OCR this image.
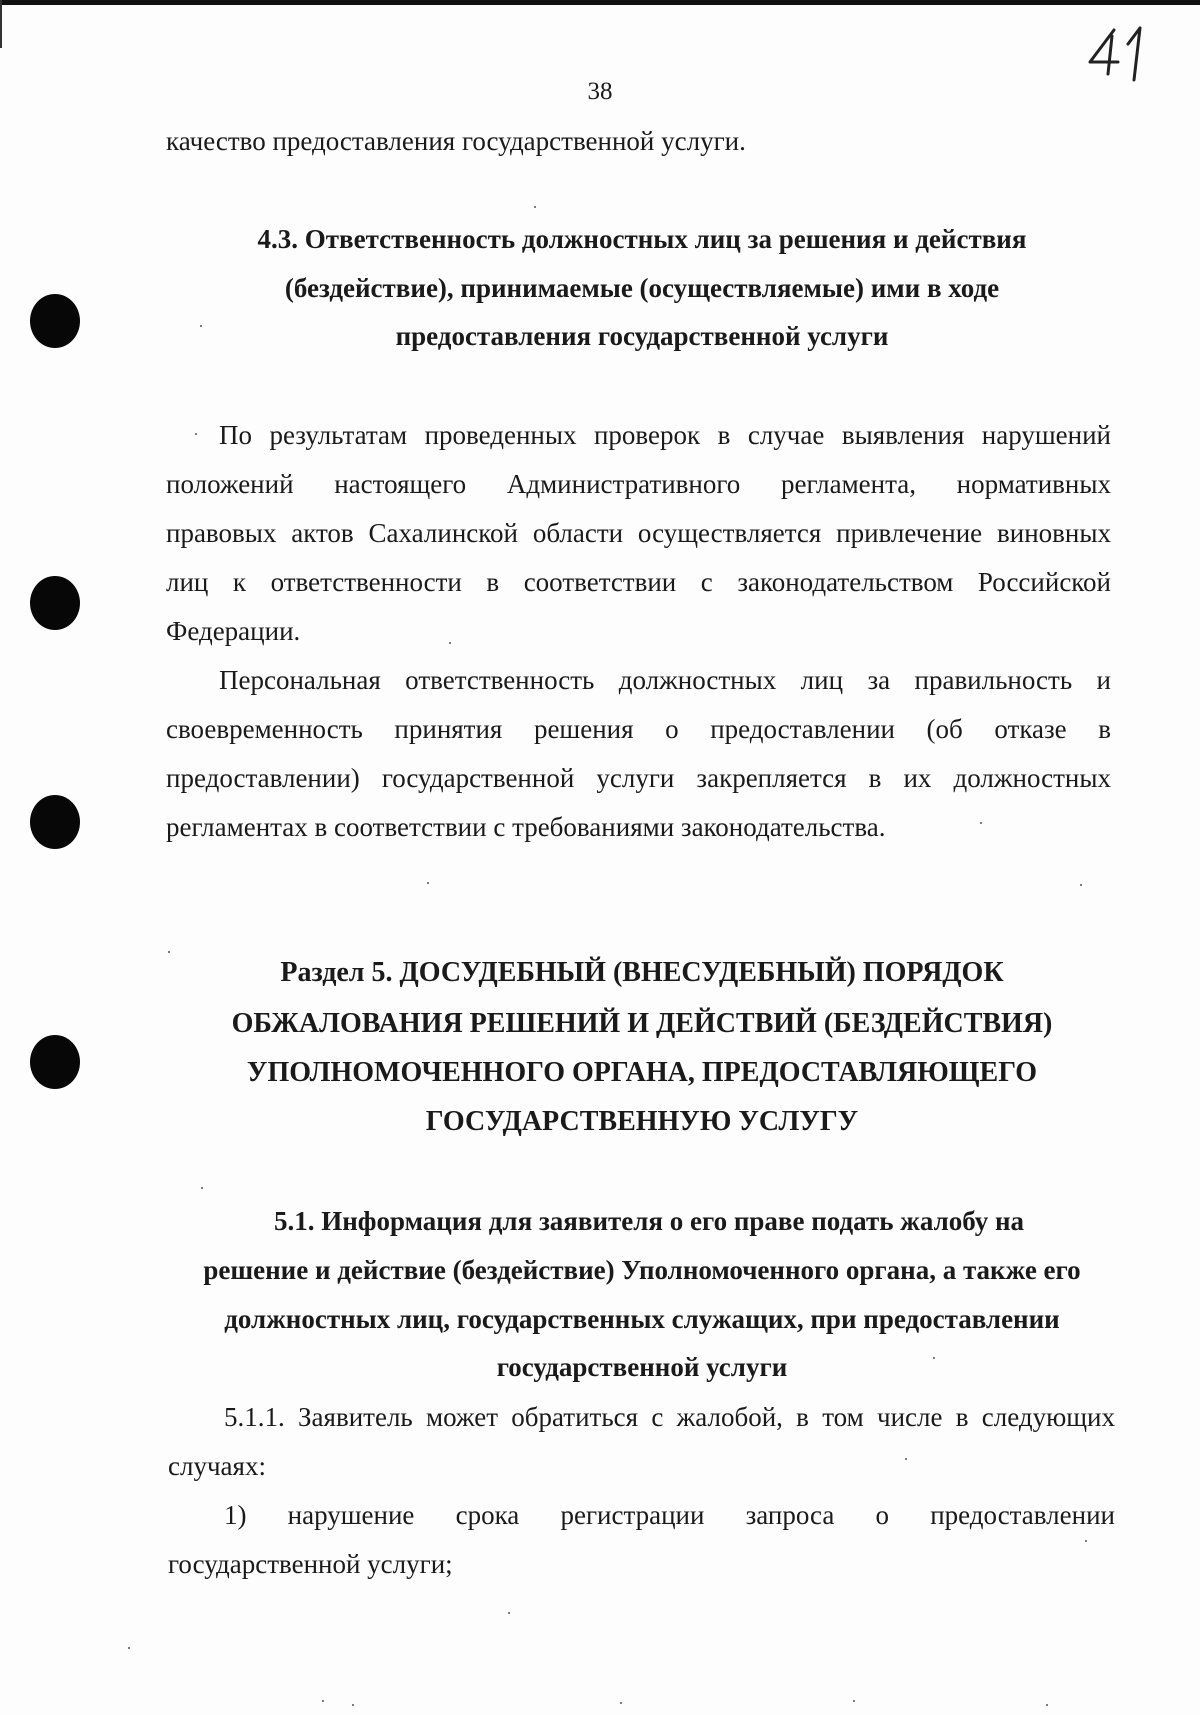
38
качество предоставления государственной услуги.
4.3. Ответственность должностных лиц за решения и действия
(бездействие), принимаемые (осуществляемые) ими в ходе
предоставления государственной услуги
По результатам проведенных проверок в случае выявления нарушений
положений настоящего Административного регламента, нормативных
правовых актов Сахалинской области осуществляется привлечение виновных
лиц к ответственности в соответствии с законодательством Российской
Федерации.
Персональная ответственность должностных лиц за правильность и
своевременность принятия решения о предоставлении (об отказе в
предоставлении) государственной услуги закрепляется в их должностных
регламентах в соответствии с требованиями законодательства.
Раздел 5. ДОСУДЕБНЫЙ (ВНЕСУДЕБНЫЙ) ПОРЯДОК
ОБЖАЛОВАНИЯ РЕШЕНИЙ И ДЕЙСТВИЙ (БЕЗДЕЙСТВИЯ)
УПОЛНОМОЧЕННОГО ОРГАНА, ПРЕДОСТАВЛЯЮЩЕГО
ГОСУДАРСТВЕННУЮ УСЛУГУ
5.1. Информация для заявителя о его праве подать жалобу на
решение и действие (бездействие) Уполномоченного органа, а также его
должностных лиц, государственных служащих, при предоставлении
государственной услуги
5.1.1. Заявитель может обратиться с жалобой, в том числе в следующих
случаях:
1) нарушение срока регистрации запроса о предоставлении
государственной услуги;
